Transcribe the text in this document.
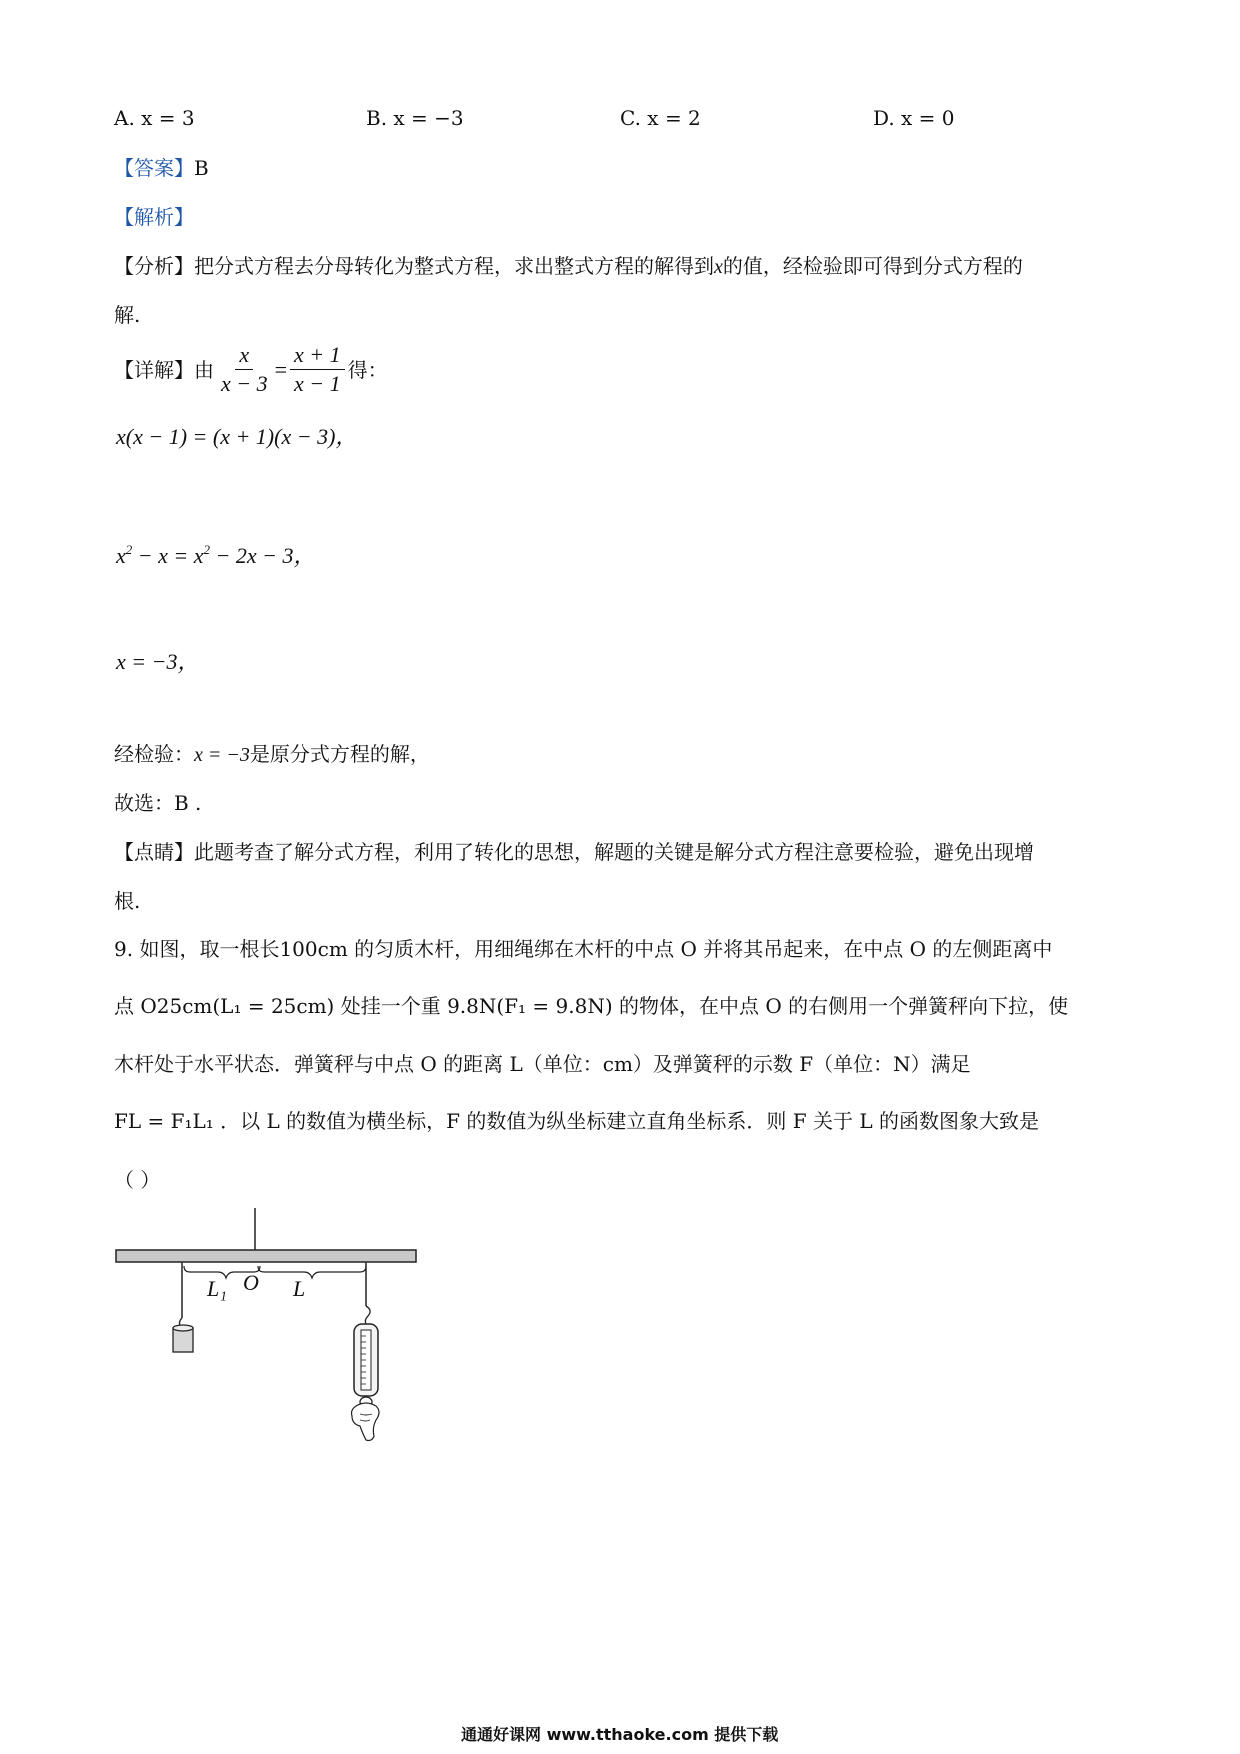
A. x = 3	B. x = −3	C. x = 2	D. x = 0
【答案】B
【解析】
【分析】把分式方程去分母转化为整式方程，求出整式方程的解得到x的值，经检验即可得到分式方程的
解.
【详解】由 $\frac{x}{x - 3} = \frac{x + 1}{x - 1}$ 得：
x(x − 1) = (x + 1)(x − 3)，
$x^2 - x = x^2 - 2x - 3$，
x = −3，
经检验：x = −3是原分式方程的解，
故选：B .
【点睛】此题考查了解分式方程，利用了转化的思想，解题的关键是解分式方程注意要检验，避免出现增
根.
9. 如图，取一根长100cm 的匀质木杆，用细绳绑在木杆的中点 O 并将其吊起来，在中点 O 的左侧距离中
点 O25cm(L₁ = 25cm) 处挂一个重 9.8N(F₁ = 9.8N) 的物体，在中点 O 的右侧用一个弹簧秤向下拉，使
木杆处于水平状态．弹簧秤与中点 O 的距离 L（单位：cm）及弹簧秤的示数 F（单位：N）满足
FL = F₁L₁ ．以 L 的数值为横坐标，F 的数值为纵坐标建立直角坐标系．则 F 关于 L 的函数图象大致是
（ ）
L₁ O L
通通好课网 www.tthaoke.com 提供下载
